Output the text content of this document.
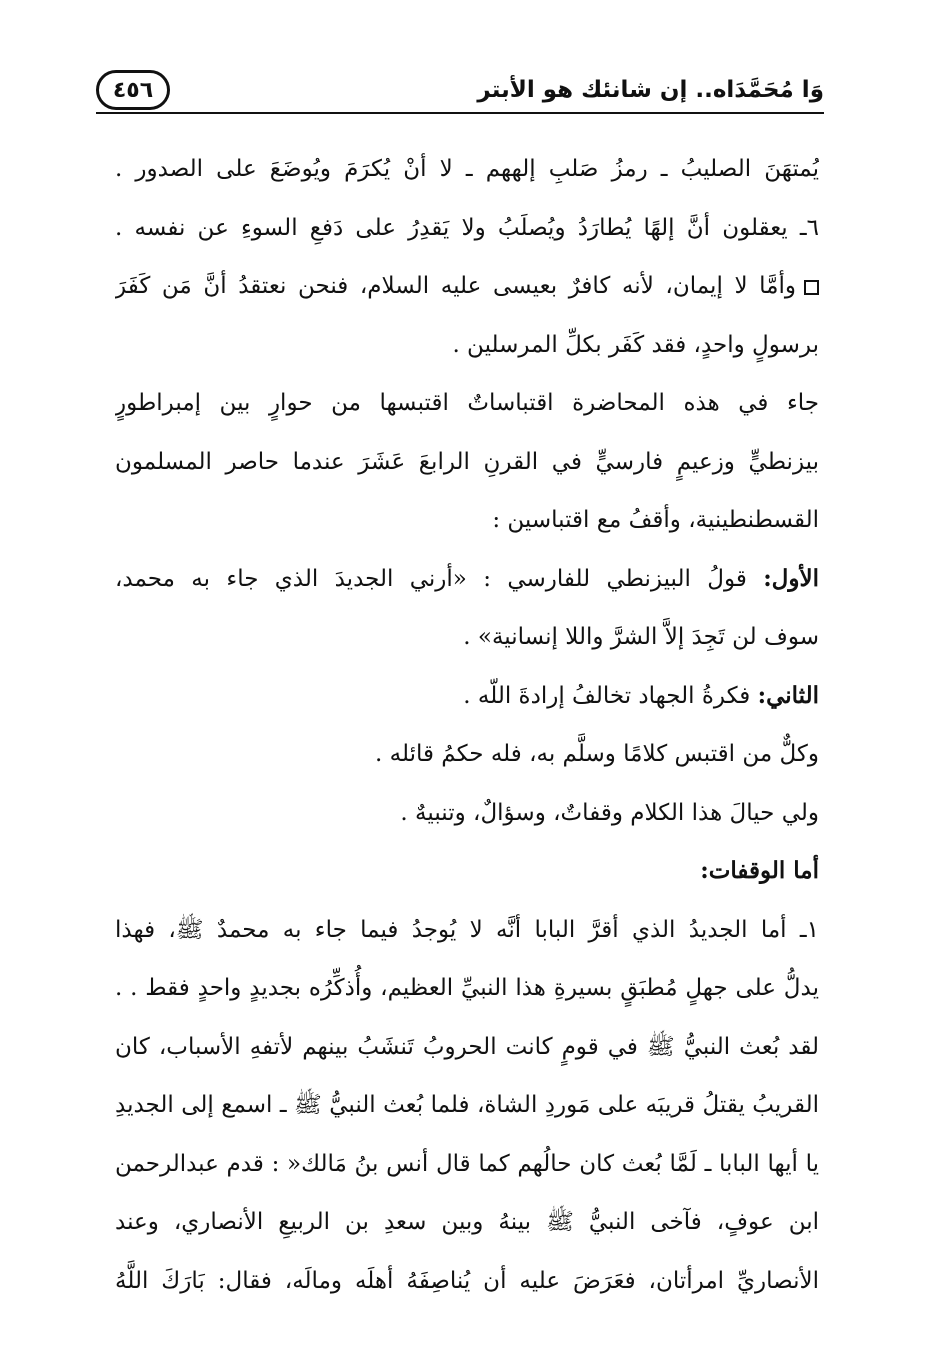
وَا مُحَمَّدَاه.. إن شانئك هو الأبتر
٤٥٦
يُمتهَنَ الصليبُ ـ رمزُ صَلبِ إلههم ـ لا أنْ يُكرَمَ ويُوضَعَ على الصدور .
٦ـ يعقلون أنَّ إلهًا يُطارَدُ ويُصلَبُ ولا يَقدِرُ على دَفعِ السوءِ عن نفسه .
وأمَّا لا إيمان، لأنه كافرٌ بعيسى عليه السلام، فنحن نعتقدُ أنَّ مَن كَفَرَ
برسولٍ واحدٍ، فقد كَفَر بكلِّ المرسلين .
جاء في هذه المحاضرة اقتباساتٌ اقتبسها من حوارٍ بين إمبراطورٍ
بيزنطيٍّ وزعيمٍ فارسيٍّ في القرنِ الرابعَ عَشَرَ عندما حاصر المسلمون
القسطنطينية، وأقفُ مع اقتباسين :
الأول: قولُ البيزنطي للفارسي : «أرني الجديدَ الذي جاء به محمد،
سوف لن تَجِدَ إلاَّ الشرَّ واللا إنسانية» .
الثاني: فكرةُ الجهاد تخالفُ إرادةَ اللّه .
وكلٌّ من اقتبس كلامًا وسلَّم به، فله حكمُ قائله .
ولي حيالَ هذا الكلام وقفاتٌ، وسؤالٌ، وتنبيهٌ .
أما الوقفات:
١ـ أما الجديدُ الذي أقرَّ البابا أنَّه لا يُوجدُ فيما جاء به محمدٌ ﷺ، فهذا
يدلُّ على جهلٍ مُطبَقٍ بسيرةِ هذا النبيِّ العظيم، وأُذكِّرُه بجديدٍ واحدٍ فقط . .
لقد بُعث النبيُّ ﷺ في قومٍ كانت الحروبُ تَنشَبُ بينهم لأتفهِ الأسباب، كان
القريبُ يقتلُ قريبَه على مَوردِ الشاة، فلما بُعث النبيُّ ﷺ ـ اسمع إلى الجديدِ
يا أيها البابا ـ لَمَّا بُعث كان حالُهم كما قال أنس بنُ مَالك« : قدم عبدالرحمن
ابن عوفٍ، فآخى النبيُّ ﷺ بينهُ وبين سعدِ بن الربيعِ الأنصاري، وعند
الأنصاريِّ امرأتان، فعَرَضَ عليه أن يُناصِفَهُ أهلَه ومالَه، فقال: بَارَكَ اللَّهُ
